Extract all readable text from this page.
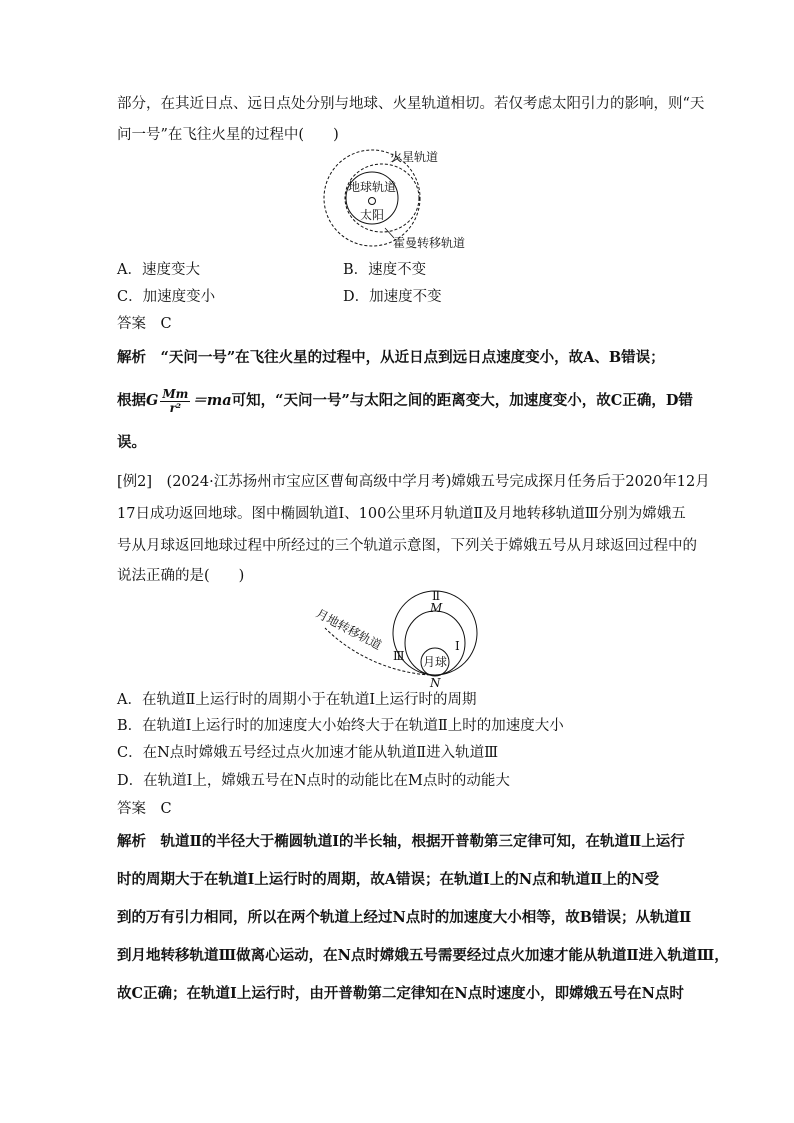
部分，在其近日点、远日点处分别与地球、火星轨道相切。若仅考虑太阳引力的影响，则“天
问一号”在飞往火星的过程中(　　)
火星轨道
地球轨道
太阳
霍曼转移轨道
A．速度变大	B．速度不变
C．加速度变小	D．加速度不变
答案　C
解析　“天问一号”在飞往火星的过程中，从近日点到远日点速度变小，故A、B错误；
根据G $\frac{Mm}{\text{r²}} =ma$可知，“天问一号”与太阳之间的距离变大，加速度变小，故C正确，D错
误。
[例2]　(2024·江苏扬州市宝应区曹甸高级中学月考)嫦娥五号完成探月任务后于2020年12月
17日成功返回地球。图中椭圆轨道Ⅰ、100公里环月轨道Ⅱ及月地转移轨道Ⅲ分别为嫦娥五
号从月球返回地球过程中所经过的三个轨道示意图，下列关于嫦娥五号从月球返回过程中的
说法正确的是(　　)
月地转移轨道
月球
Ⅰ
Ⅱ
Ⅲ
M
N
A．在轨道Ⅱ上运行时的周期小于在轨道Ⅰ上运行时的周期
B．在轨道Ⅰ上运行时的加速度大小始终大于在轨道Ⅱ上时的加速度大小
C．在N点时嫦娥五号经过点火加速才能从轨道Ⅱ进入轨道Ⅲ
D．在轨道Ⅰ上，嫦娥五号在N点时的动能比在M点时的动能大
答案　C
解析　轨道Ⅱ的半径大于椭圆轨道Ⅰ的半长轴，根据开普勒第三定律可知，在轨道Ⅱ上运行
时的周期大于在轨道Ⅰ上运行时的周期，故A错误；在轨道Ⅰ上的N点和轨道Ⅱ上的N受
到的万有引力相同，所以在两个轨道上经过N点时的加速度大小相等，故B错误；从轨道Ⅱ
到月地转移轨道Ⅲ做离心运动，在N点时嫦娥五号需要经过点火加速才能从轨道Ⅱ进入轨道Ⅲ，
故C正确；在轨道Ⅰ上运行时，由开普勒第二定律知在N点时速度小，即嫦娥五号在N点时
